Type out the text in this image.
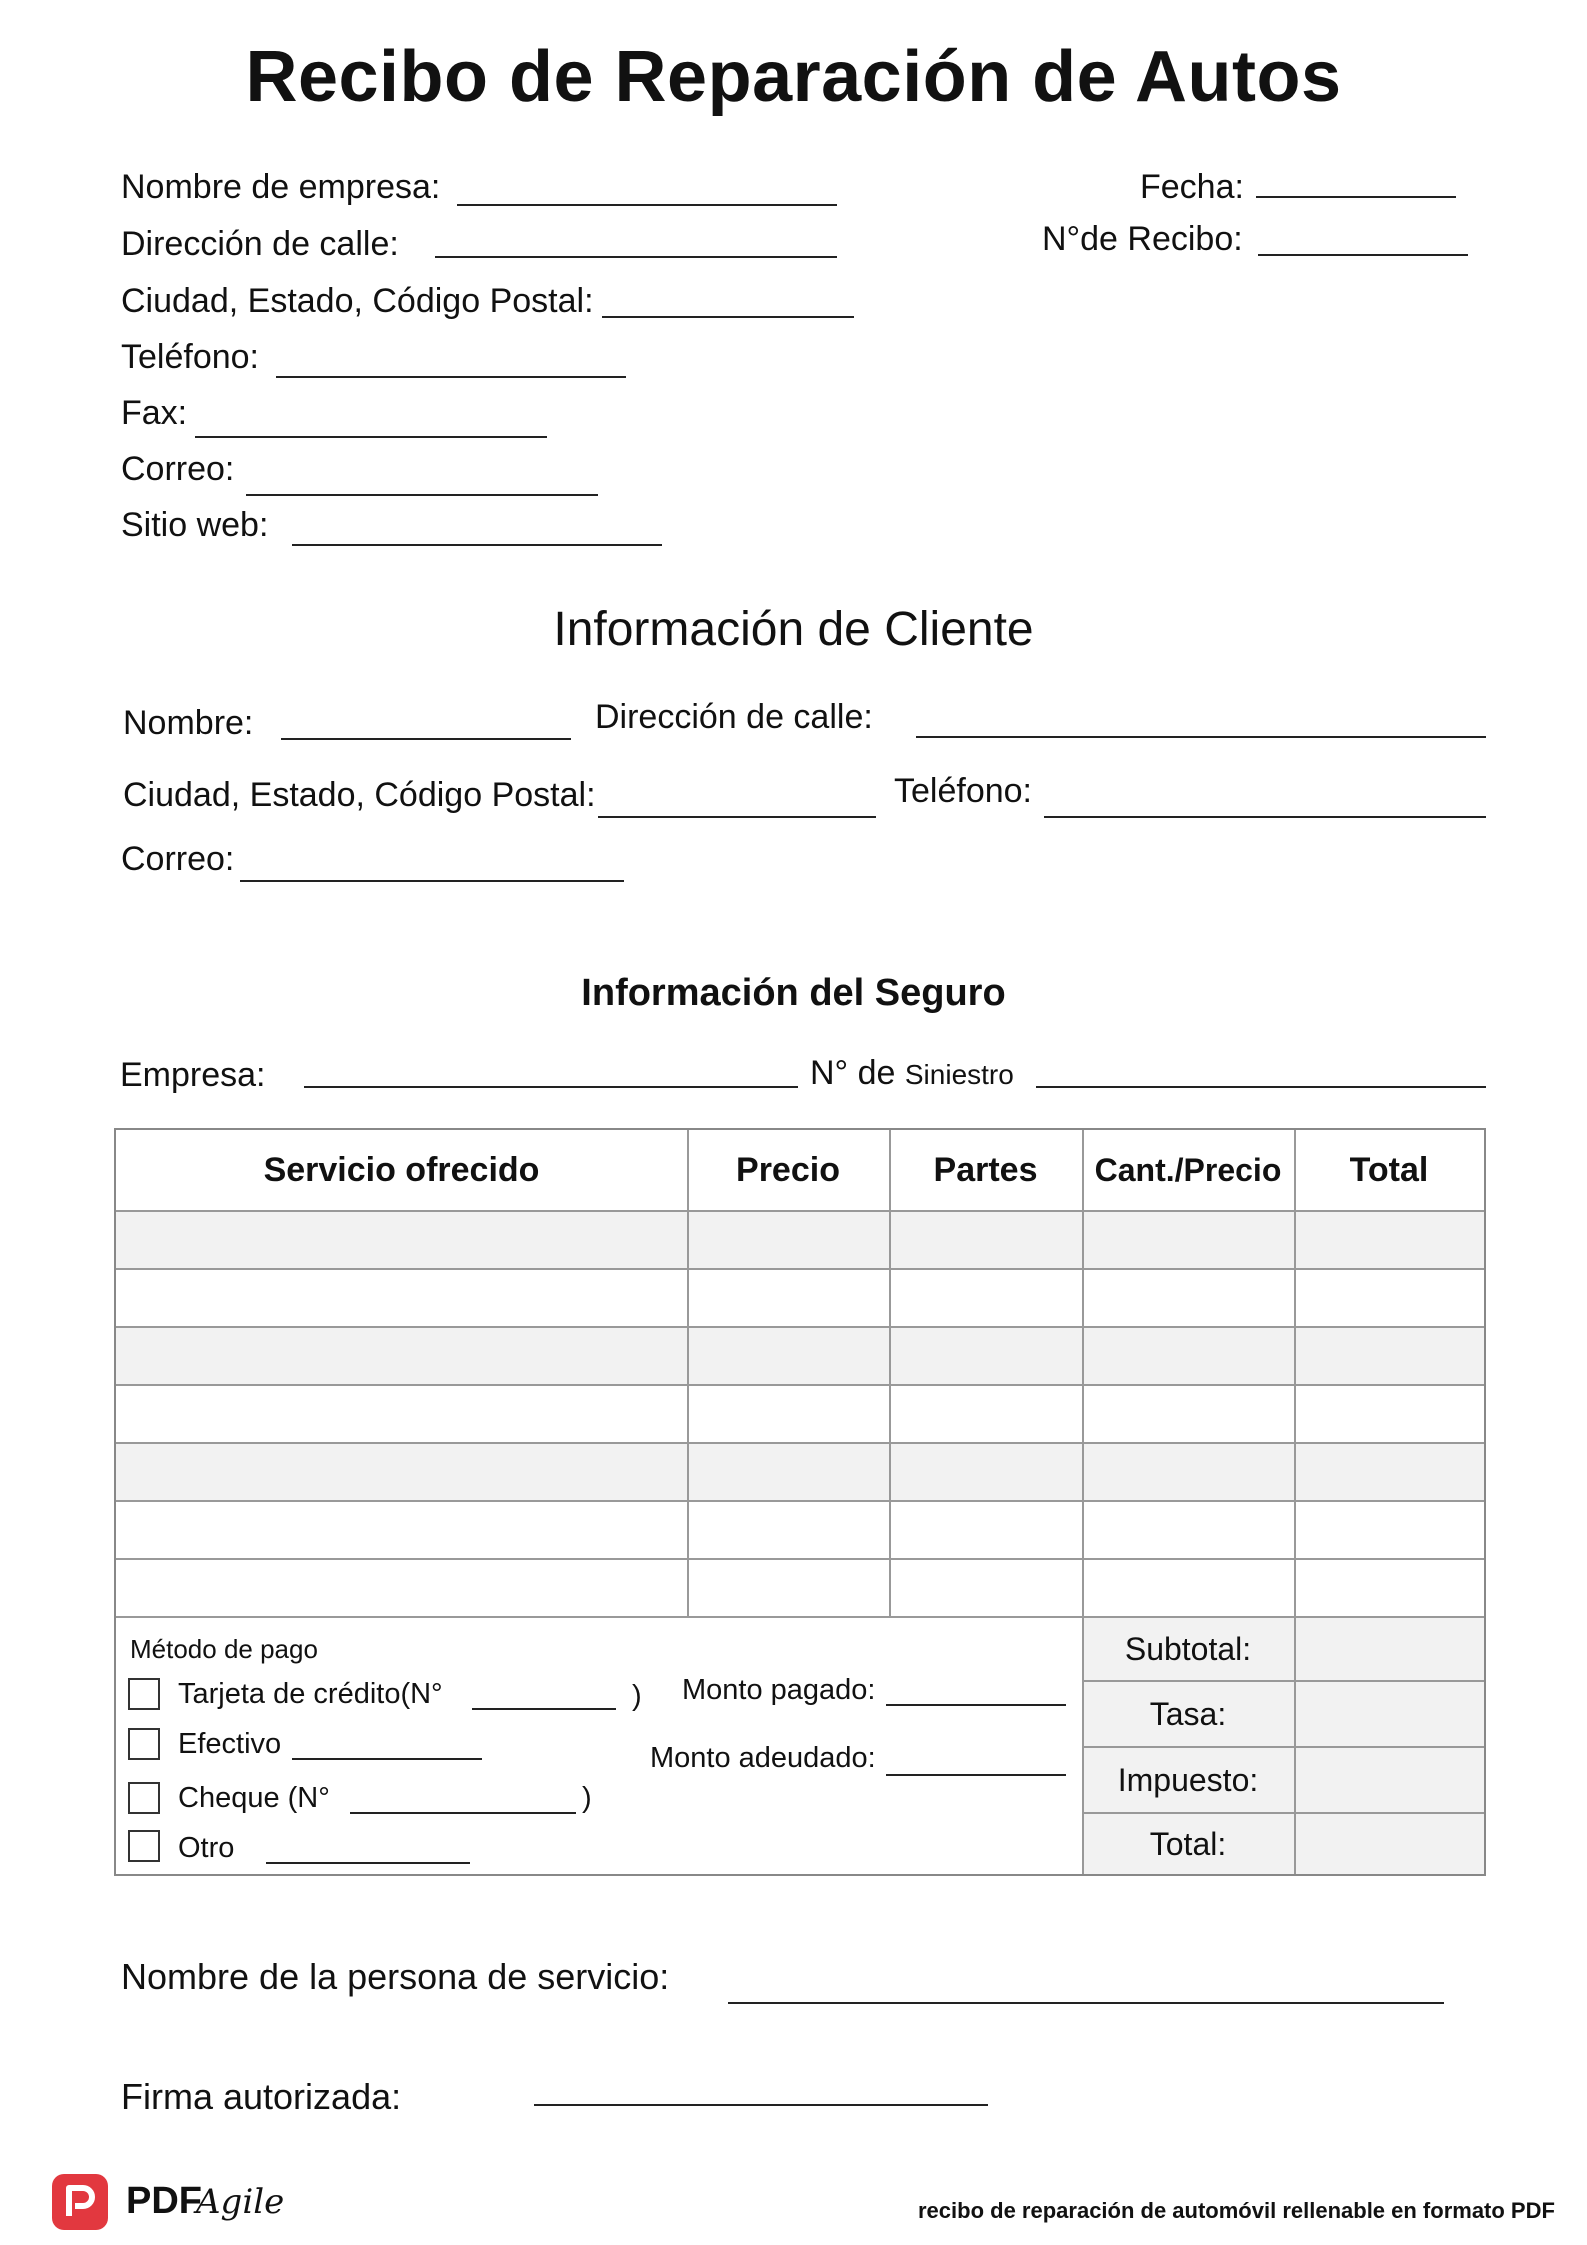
Recibo de Reparación de Autos
Nombre de empresa:
Dirección de calle:
Ciudad, Estado, Código Postal:
Teléfono:
Fax:
Correo:
Sitio web:
Fecha:
N°de Recibo:
Información de Cliente
Nombre:	Dirección de calle:
Ciudad, Estado, Código Postal:	Teléfono:
Correo:
Información del Seguro
Empresa:	N° de Siniestro
Servicio ofrecido	Precio	Partes	Cant./Precio	Total
Subtotal:
Tasa:
Impuesto:
Total:
Método de pago
Tarjeta de crédito(N°	)
Efectivo
Cheque (N°	)
Otro
Monto pagado:
Monto adeudado:
Nombre de la persona de servicio:
Firma autorizada:
PDF
Agile	recibo de reparación de automóvil rellenable en formato PDF
